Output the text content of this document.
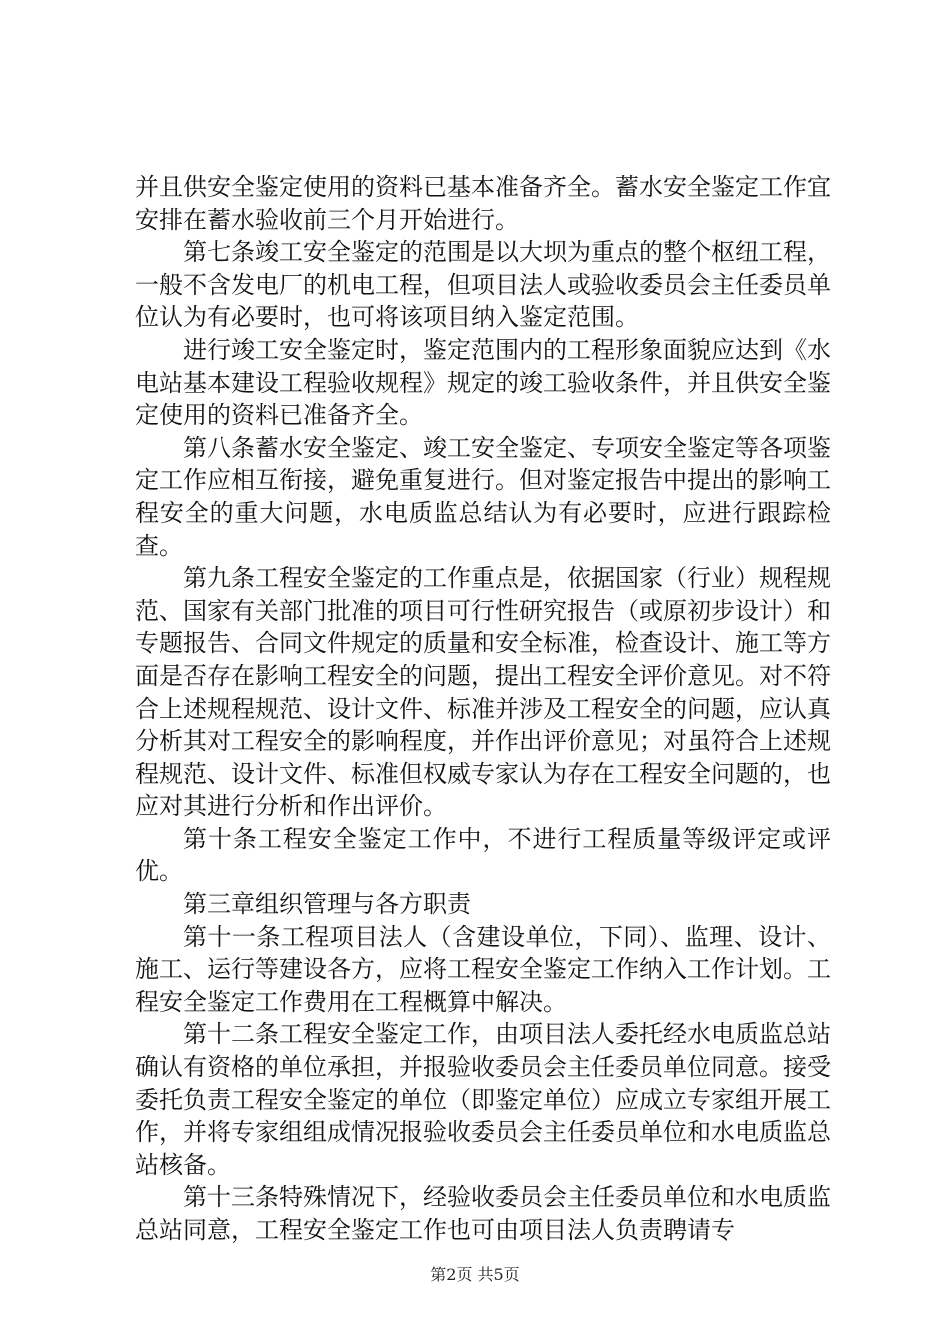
并且供安全鉴定使用的资料已基本准备齐全。蓄水安全鉴定工作宜安排在蓄水验收前三个月开始进行。

第七条竣工安全鉴定的范围是以大坝为重点的整个枢纽工程，一般不含发电厂的机电工程，但项目法人或验收委员会主任委员单位认为有必要时，也可将该项目纳入鉴定范围。

进行竣工安全鉴定时，鉴定范围内的工程形象面貌应达到《水电站基本建设工程验收规程》规定的竣工验收条件，并且供安全鉴定使用的资料已准备齐全。

第八条蓄水安全鉴定、竣工安全鉴定、专项安全鉴定等各项鉴定工作应相互衔接，避免重复进行。但对鉴定报告中提出的影响工程安全的重大问题，水电质监总结认为有必要时，应进行跟踪检查。

第九条工程安全鉴定的工作重点是，依据国家（行业）规程规范、国家有关部门批准的项目可行性研究报告（或原初步设计）和专题报告、合同文件规定的质量和安全标准，检查设计、施工等方面是否存在影响工程安全的问题，提出工程安全评价意见。对不符合上述规程规范、设计文件、标准并涉及工程安全的问题，应认真分析其对工程安全的影响程度，并作出评价意见；对虽符合上述规程规范、设计文件、标准但权威专家认为存在工程安全问题的，也应对其进行分析和作出评价。

第十条工程安全鉴定工作中，不进行工程质量等级评定或评优。

第三章组织管理与各方职责

第十一条工程项目法人（含建设单位，下同）、监理、设计、施工、运行等建设各方，应将工程安全鉴定工作纳入工作计划。工程安全鉴定工作费用在工程概算中解决。

第十二条工程安全鉴定工作，由项目法人委托经水电质监总站确认有资格的单位承担，并报验收委员会主任委员单位同意。接受委托负责工程安全鉴定的单位（即鉴定单位）应成立专家组开展工作，并将专家组组成情况报验收委员会主任委员单位和水电质监总站核备。

第十三条特殊情况下，经验收委员会主任委员单位和水电质监总站同意，工程安全鉴定工作也可由项目法人负责聘请专

第2页 共5页
